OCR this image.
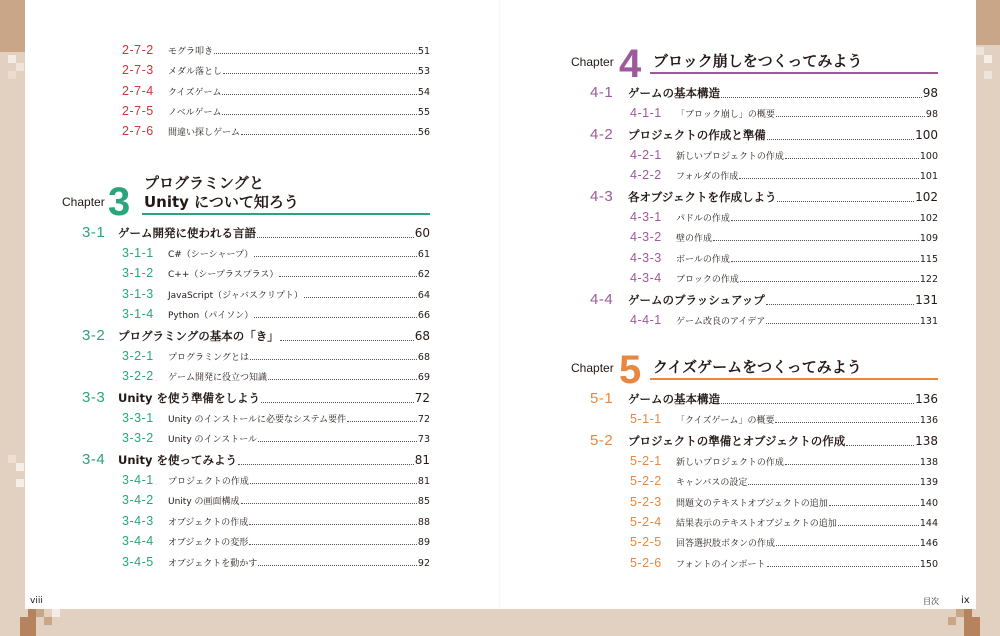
viii	目次 ix
2-7-2	モグラ叩き	51
2-7-3	メダル落とし	53
2-7-4	クイズゲーム	54
2-7-5	ノベルゲーム	55
2-7-6	間違い探しゲーム	56
Chapter 3 プログラミングと
Unity について知ろう
3-1	ゲーム開発に使われる言語	60
3-1-1	C#（シーシャープ）	61
3-1-2	C++（シープラスプラス）	62
3-1-3	JavaScript（ジャバスクリプト）	64
3-1-4	Python（パイソン）	66
3-2	プログラミングの基本の「き」	68
3-2-1	プログラミングとは	68
3-2-2	ゲーム開発に役立つ知識	69
3-3	Unity を使う準備をしよう	72
3-3-1	Unity のインストールに必要なシステム要件	72
3-3-2	Unity のインストール	73
3-4	Unity を使ってみよう	81
3-4-1	プロジェクトの作成	81
3-4-2	Unity の画面構成	85
3-4-3	オブジェクトの作成	88
3-4-4	オブジェクトの変形	89
3-4-5	オブジェクトを動かす	92
Chapter 4 ブロック崩しをつくってみよう
4-1	ゲームの基本構造	98
4-1-1	「ブロック崩し」の概要	98
4-2	プロジェクトの作成と準備	100
4-2-1	新しいプロジェクトの作成	100
4-2-2	フォルダの作成	101
4-3	各オブジェクトを作成しよう	102
4-3-1	パドルの作成	102
4-3-2	壁の作成	109
4-3-3	ボールの作成	115
4-3-4	ブロックの作成	122
4-4	ゲームのブラッシュアップ	131
4-4-1	ゲーム改良のアイデア	131
Chapter 5 クイズゲームをつくってみよう
5-1	ゲームの基本構造	136
5-1-1	「クイズゲーム」の概要	136
5-2	プロジェクトの準備とオブジェクトの作成	138
5-2-1	新しいプロジェクトの作成	138
5-2-2	キャンバスの設定	139
5-2-3	問題文のテキストオブジェクトの追加	140
5-2-4	結果表示のテキストオブジェクトの追加	144
5-2-5	回答選択肢ボタンの作成	146
5-2-6	フォントのインポート	150
